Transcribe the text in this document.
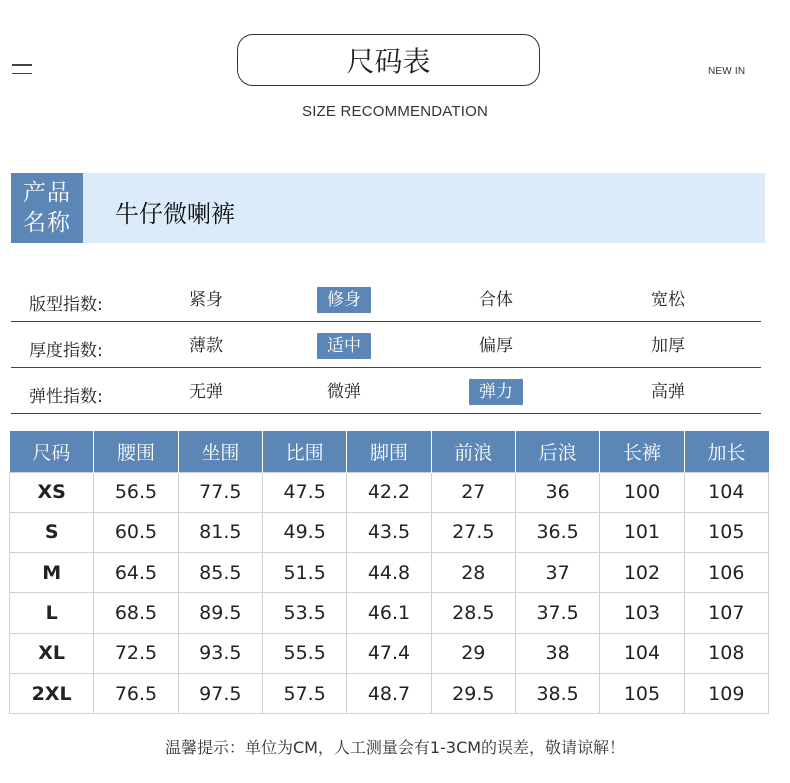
尺码表	NEW IN
SIZE RECOMMENDATION
产品
名称	牛仔微喇裤
版型指数:	紧身	修身	合体	宽松
厚度指数:	薄款	适中	偏厚	加厚
弹性指数:	无弹	微弹	弹力	高弹
尺码	腰围	坐围	比围	脚围	前浪	后浪	长裤	加长
XS	56.5	77.5	47.5	42.2	27	36	100	104
S	60.5	81.5	49.5	43.5	27.5	36.5	101	105
M	64.5	85.5	51.5	44.8	28	37	102	106
L	68.5	89.5	53.5	46.1	28.5	37.5	103	107
XL	72.5	93.5	55.5	47.4	29	38	104	108
2XL	76.5	97.5	57.5	48.7	29.5	38.5	105	109
温馨提示：单位为CM，人工测量会有1-3CM的误差，敬请谅解！
